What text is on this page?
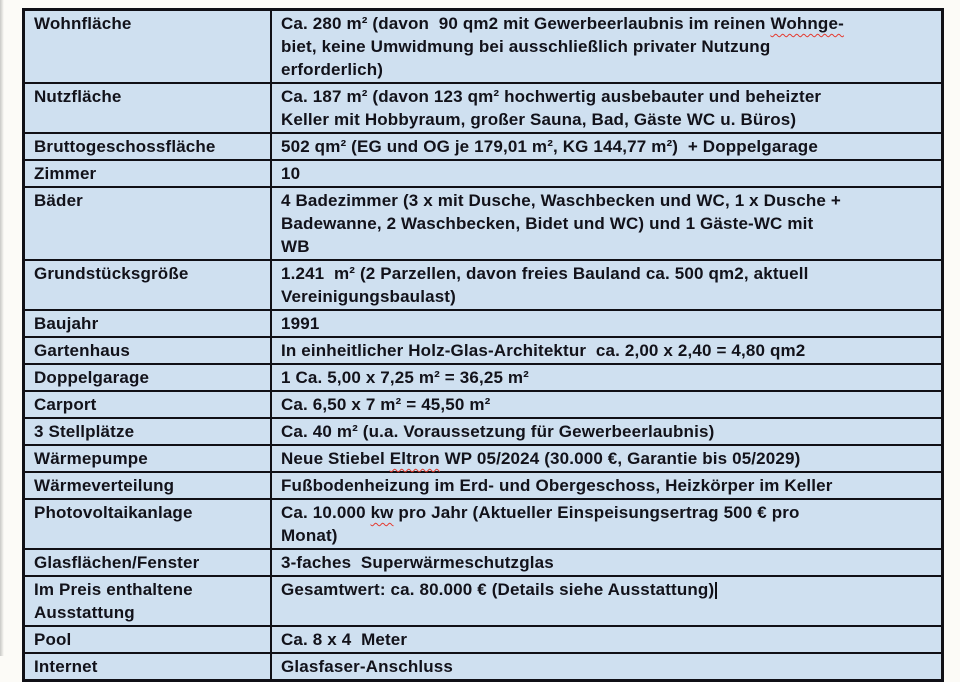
Wohnfläche	Ca. 280 m² (davon  90 qm2 mit Gewerbeerlaubnis im reinen Wohnge-
biet, keine Umwidmung bei ausschließlich privater Nutzung
erforderlich)
Nutzfläche	Ca. 187 m² (davon 123 qm² hochwertig ausbebauter und beheizter
Keller mit Hobbyraum, großer Sauna, Bad, Gäste WC u. Büros)
Bruttogeschossfläche	502 qm² (EG und OG je 179,01 m², KG 144,77 m²)  + Doppelgarage
Zimmer	10
Bäder	4 Badezimmer (3 x mit Dusche, Waschbecken und WC, 1 x Dusche +
Badewanne, 2 Waschbecken, Bidet und WC) und 1 Gäste-WC mit
WB
Grundstücksgröße	1.241  m² (2 Parzellen, davon freies Bauland ca. 500 qm2, aktuell
Vereinigungsbaulast)
Baujahr	1991
Gartenhaus	In einheitlicher Holz-Glas-Architektur  ca. 2,00 x 2,40 = 4,80 qm2
Doppelgarage	1 Ca. 5,00 x 7,25 m² = 36,25 m²
Carport	Ca. 6,50 x 7 m² = 45,50 m²
3 Stellplätze	Ca. 40 m² (u.a. Voraussetzung für Gewerbeerlaubnis)
Wärmepumpe	Neue Stiebel Eltron WP 05/2024 (30.000 €, Garantie bis 05/2029)
Wärmeverteilung	Fußbodenheizung im Erd- und Obergeschoss, Heizkörper im Keller
Photovoltaikanlage	Ca. 10.000 kw pro Jahr (Aktueller Einspeisungsertrag 500 € pro
Monat)
Glasflächen/Fenster	3-faches  Superwärmeschutzglas
Im Preis enthaltene Ausstattung	Gesamtwert: ca. 80.000 € (Details siehe Ausstattung)
Pool	Ca. 8 x 4  Meter
Internet	Glasfaser-Anschluss
